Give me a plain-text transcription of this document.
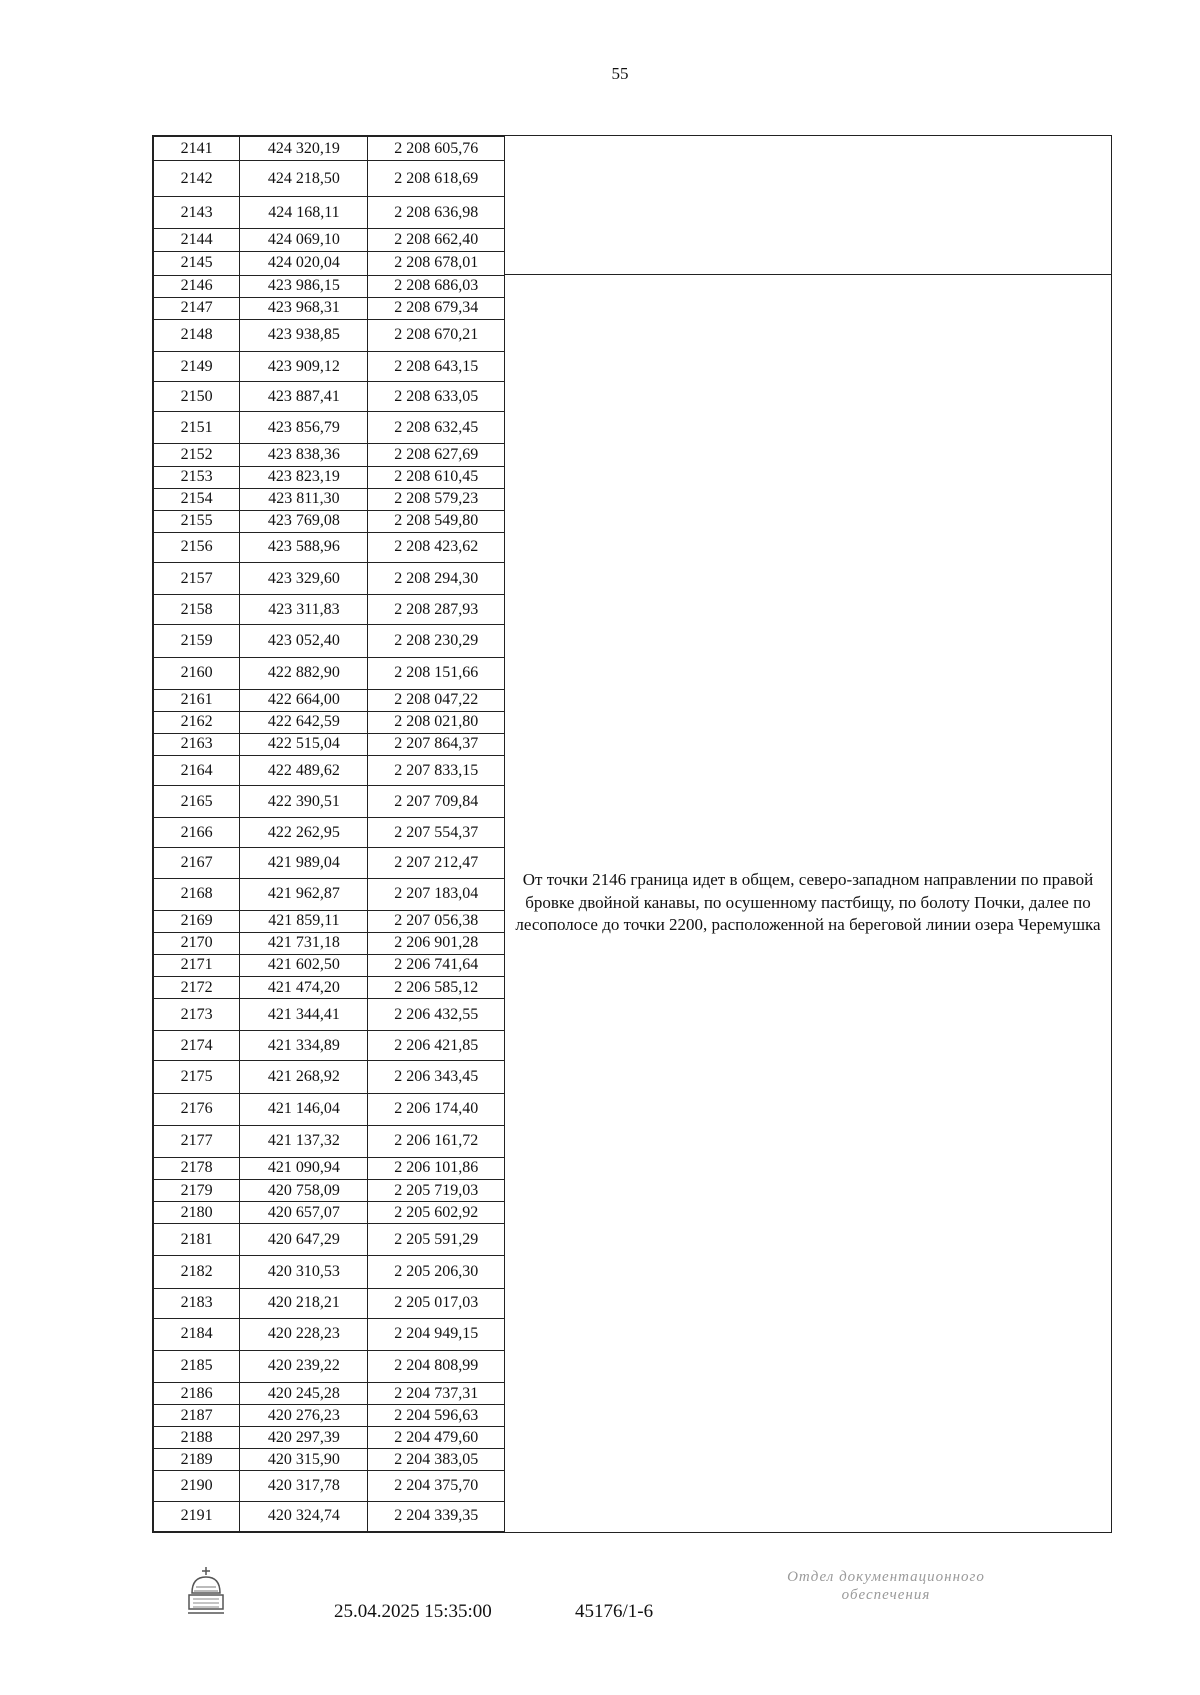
55
2141	424 320,19	2 208 605,76
2142	424 218,50	2 208 618,69
2143	424 168,11	2 208 636,98
2144	424 069,10	2 208 662,40
2145	424 020,04	2 208 678,01
2146	423 986,15	2 208 686,03
2147	423 968,31	2 208 679,34
2148	423 938,85	2 208 670,21
2149	423 909,12	2 208 643,15
2150	423 887,41	2 208 633,05
2151	423 856,79	2 208 632,45
2152	423 838,36	2 208 627,69
2153	423 823,19	2 208 610,45
2154	423 811,30	2 208 579,23
2155	423 769,08	2 208 549,80
2156	423 588,96	2 208 423,62
2157	423 329,60	2 208 294,30
2158	423 311,83	2 208 287,93
2159	423 052,40	2 208 230,29
2160	422 882,90	2 208 151,66
2161	422 664,00	2 208 047,22
2162	422 642,59	2 208 021,80
2163	422 515,04	2 207 864,37
2164	422 489,62	2 207 833,15
2165	422 390,51	2 207 709,84
2166	422 262,95	2 207 554,37
2167	421 989,04	2 207 212,47
2168	421 962,87	2 207 183,04
2169	421 859,11	2 207 056,38
2170	421 731,18	2 206 901,28
2171	421 602,50	2 206 741,64
2172	421 474,20	2 206 585,12
2173	421 344,41	2 206 432,55
2174	421 334,89	2 206 421,85
2175	421 268,92	2 206 343,45
2176	421 146,04	2 206 174,40
2177	421 137,32	2 206 161,72
2178	421 090,94	2 206 101,86
2179	420 758,09	2 205 719,03
2180	420 657,07	2 205 602,92
2181	420 647,29	2 205 591,29
2182	420 310,53	2 205 206,30
2183	420 218,21	2 205 017,03
2184	420 228,23	2 204 949,15
2185	420 239,22	2 204 808,99
2186	420 245,28	2 204 737,31
2187	420 276,23	2 204 596,63
2188	420 297,39	2 204 479,60
2189	420 315,90	2 204 383,05
2190	420 317,78	2 204 375,70
2191	420 324,74	2 204 339,35
От точки 2146 граница идет в общем, северо-западном направлении по правой бровке двойной канавы, по осушенному пастбищу, по болоту Почки, далее по лесополосе до точки 2200, расположенной на береговой линии озера Черемушка
25.04.2025 15:35:00	45176/1-6
Отдел документационного
обеспечения
